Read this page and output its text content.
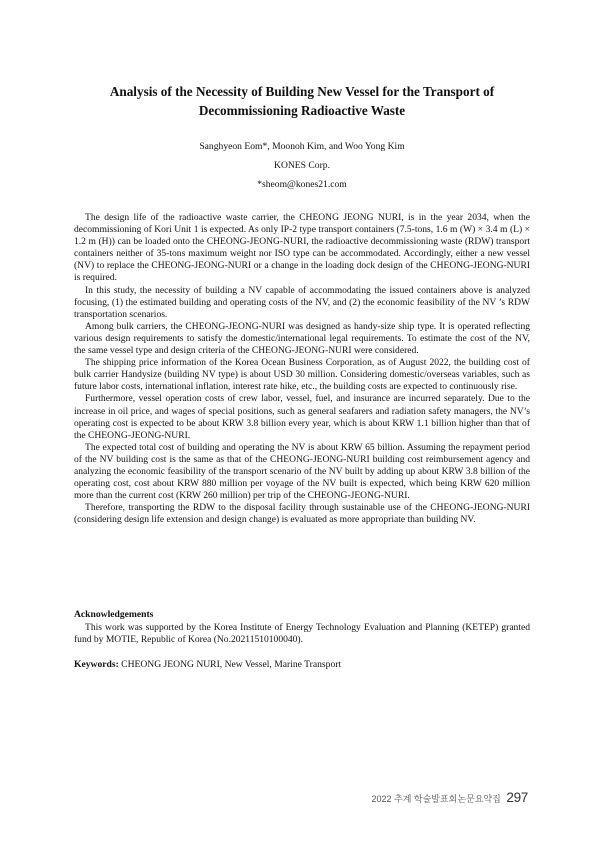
Analysis of the Necessity of Building New Vessel for the Transport of
Decommissioning Radioactive Waste
Sanghyeon Eom*, Moonoh Kim, and Woo Yong Kim
KONES Corp.
*sheom@kones21.com

The design life of the radioactive waste carrier, the CHEONG JEONG NURI, is in the year 2034, when the decommissioning of Kori Unit 1 is expected. As only IP-2 type transport containers (7.5-tons, 1.6 m (W) × 3.4 m (L) × 1.2 m (H)) can be loaded onto the CHEONG-JEONG-NURI, the radioactive decommissioning waste (RDW) transport containers neither of 35-tons maximum weight nor ISO type can be accommodated. Accordingly, either a new vessel (NV) to replace the CHEONG-JEONG-NURI or a change in the loading dock design of the CHEONG-JEONG-NURI is required.

In this study, the necessity of building a NV capable of accommodating the issued containers above is analyzed focusing, (1) the estimated building and operating costs of the NV, and (2) the economic feasibility of the NV ’s RDW transportation scenarios.

Among bulk carriers, the CHEONG-JEONG-NURI was designed as handy-size ship type. It is operated reflecting various design requirements to satisfy the domestic/international legal requirements. To estimate the cost of the NV, the same vessel type and design criteria of the CHEONG-JEONG-NURI were considered.

The shipping price information of the Korea Ocean Business Corporation, as of August 2022, the building cost of bulk carrier Handysize (building NV type) is about USD 30 million. Considering domestic/overseas variables, such as future labor costs, international inflation, interest rate hike, etc., the building costs are expected to continuously rise.

Furthermore, vessel operation costs of crew labor, vessel, fuel, and insurance are incurred separately. Due to the increase in oil price, and wages of special positions, such as general seafarers and radiation safety managers, the NV’s operating cost is expected to be about KRW 3.8 billion every year, which is about KRW 1.1 billion higher than that of the CHEONG-JEONG-NURI.

The expected total cost of building and operating the NV is about KRW 65 billion. Assuming the repayment period of the NV building cost is the same as that of the CHEONG-JEONG-NURI building cost reimbursement agency and analyzing the economic feasibility of the transport scenario of the NV built by adding up about KRW 3.8 billion of the operating cost, cost about KRW 880 million per voyage of the NV built is expected, which being KRW 620 million more than the current cost (KRW 260 million) per trip of the CHEONG-JEONG-NURI.

Therefore, transporting the RDW to the disposal facility through sustainable use of the CHEONG-JEONG-NURI (considering design life extension and design change) is evaluated as more appropriate than building NV.

Acknowledgements

This work was supported by the Korea Institute of Energy Technology Evaluation and Planning (KETEP) granted fund by MOTIE, Republic of Korea (No.20211510100040).

Keywords: CHEONG JEONG NURI, New Vessel, Marine Transport
2022 추계 학술발표회논문요약집 297
